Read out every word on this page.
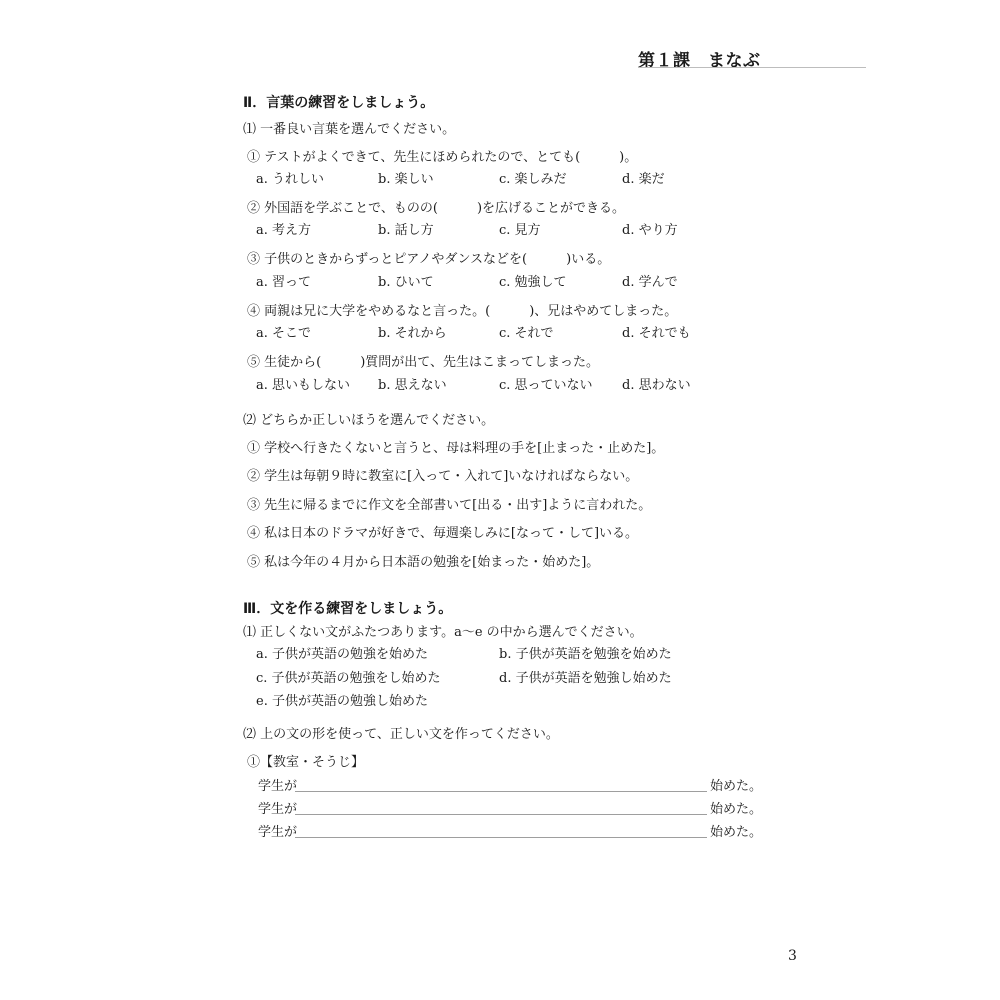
第１課　まなぶ
Ⅱ．言葉の練習をしましょう。
⑴ 一番良い言葉を選んでください。
① テストがよくできて、先生にほめられたので、とても(　　　)。
a. うれしい	b. 楽しい	c. 楽しみだ	d. 楽だ
② 外国語を学ぶことで、ものの(　　　)を広げることができる。
a. 考え方	b. 話し方	c. 見方	d. やり方
③ 子供のときからずっとピアノやダンスなどを(　　　)いる。
a. 習って	b. ひいて	c. 勉強して	d. 学んで
④ 両親は兄に大学をやめるなと言った。(　　　)、兄はやめてしまった。
a. そこで	b. それから	c. それで	d. それでも
⑤ 生徒から(　　　)質問が出て、先生はこまってしまった。
a. 思いもしない b. 思えない	c. 思っていない d. 思わない
⑵ どちらか正しいほうを選んでください。
① 学校へ行きたくないと言うと、母は料理の手を[止まった・止めた]。
② 学生は毎朝９時に教室に[入って・入れて]いなければならない。
③ 先生に帰るまでに作文を全部書いて[出る・出す]ように言われた。
④ 私は日本のドラマが好きで、毎週楽しみに[なって・して]いる。
⑤ 私は今年の４月から日本語の勉強を[始まった・始めた]。
Ⅲ．文を作る練習をしましょう。
⑴ 正しくない文がふたつあります。a～e の中から選んでください。
a. 子供が英語の勉強を始めた	b. 子供が英語を勉強を始めた
c. 子供が英語の勉強をし始めた	d. 子供が英語を勉強し始めた
e. 子供が英語の勉強し始めた
⑵ 上の文の形を使って、正しい文を作ってください。
①【教室・そうじ】
学生が	始めた。
学生が	始めた。
学生が	始めた。
3
